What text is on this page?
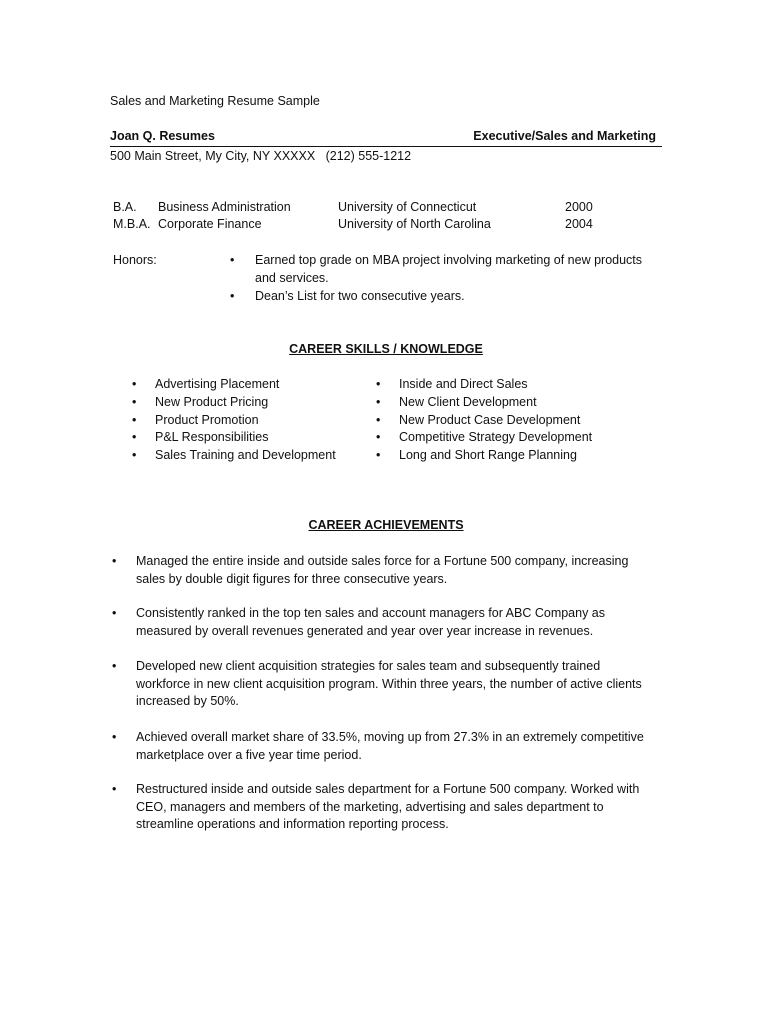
Sales and Marketing Resume Sample
Joan Q. Resumes	Executive/Sales and Marketing
500 Main Street, My City, NY XXXXX   (212) 555-1212
B.A. Business Administration	University of Connecticut	2000
M.B.A. Corporate Finance	University of North Carolina	2004
Honors:	• Earned top grade on MBA project involving marketing of new products and services.
• Dean’s List for two consecutive years.
CAREER SKILLS / KNOWLEDGE
• Advertising Placement
• New Product Pricing
• Product Promotion
• P&L Responsibilities
• Sales Training and Development
• Inside and Direct Sales
• New Client Development
• New Product Case Development
• Competitive Strategy Development
• Long and Short Range Planning
CAREER ACHIEVEMENTS
• Managed the entire inside and outside sales force for a Fortune 500 company, increasing sales by double digit figures for three consecutive years.
• Consistently ranked in the top ten sales and account managers for ABC Company as measured by overall revenues generated and year over year increase in revenues.
• Developed new client acquisition strategies for sales team and subsequently trained workforce in new client acquisition program. Within three years, the number of active clients increased by 50%.
• Achieved overall market share of 33.5%, moving up from 27.3% in an extremely competitive marketplace over a five year time period.
• Restructured inside and outside sales department for a Fortune 500 company. Worked with CEO, managers and members of the marketing, advertising and sales department to streamline operations and information reporting process.
